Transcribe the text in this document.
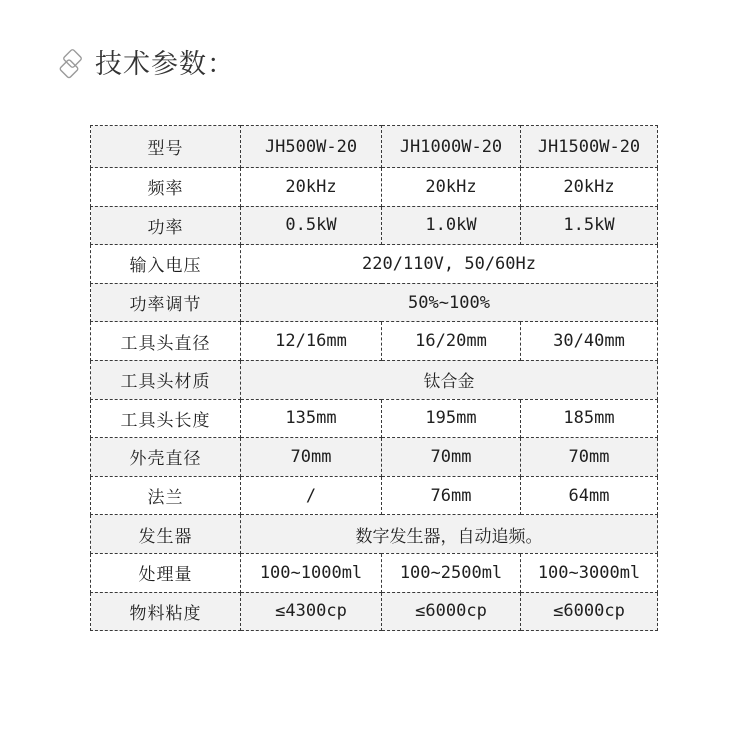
技术参数：
型号	JH500W-20	JH1000W-20	JH1500W-20
频率	20kHz	20kHz	20kHz
功率	0.5kW	1.0kW	1.5kW
输入电压	220/110V, 50/60Hz		
功率调节	50%~100%		
工具头直径	12/16mm	16/20mm	30/40mm
工具头材质	钛合金		
工具头长度	135mm	195mm	185mm
外壳直径	70mm	70mm	70mm
法兰	/	76mm	64mm
发生器	数字发生器，自动追频。		
处理量	100~1000ml	100~2500ml	100~3000ml
物料粘度	≤4300cp	≤6000cp	≤6000cp
